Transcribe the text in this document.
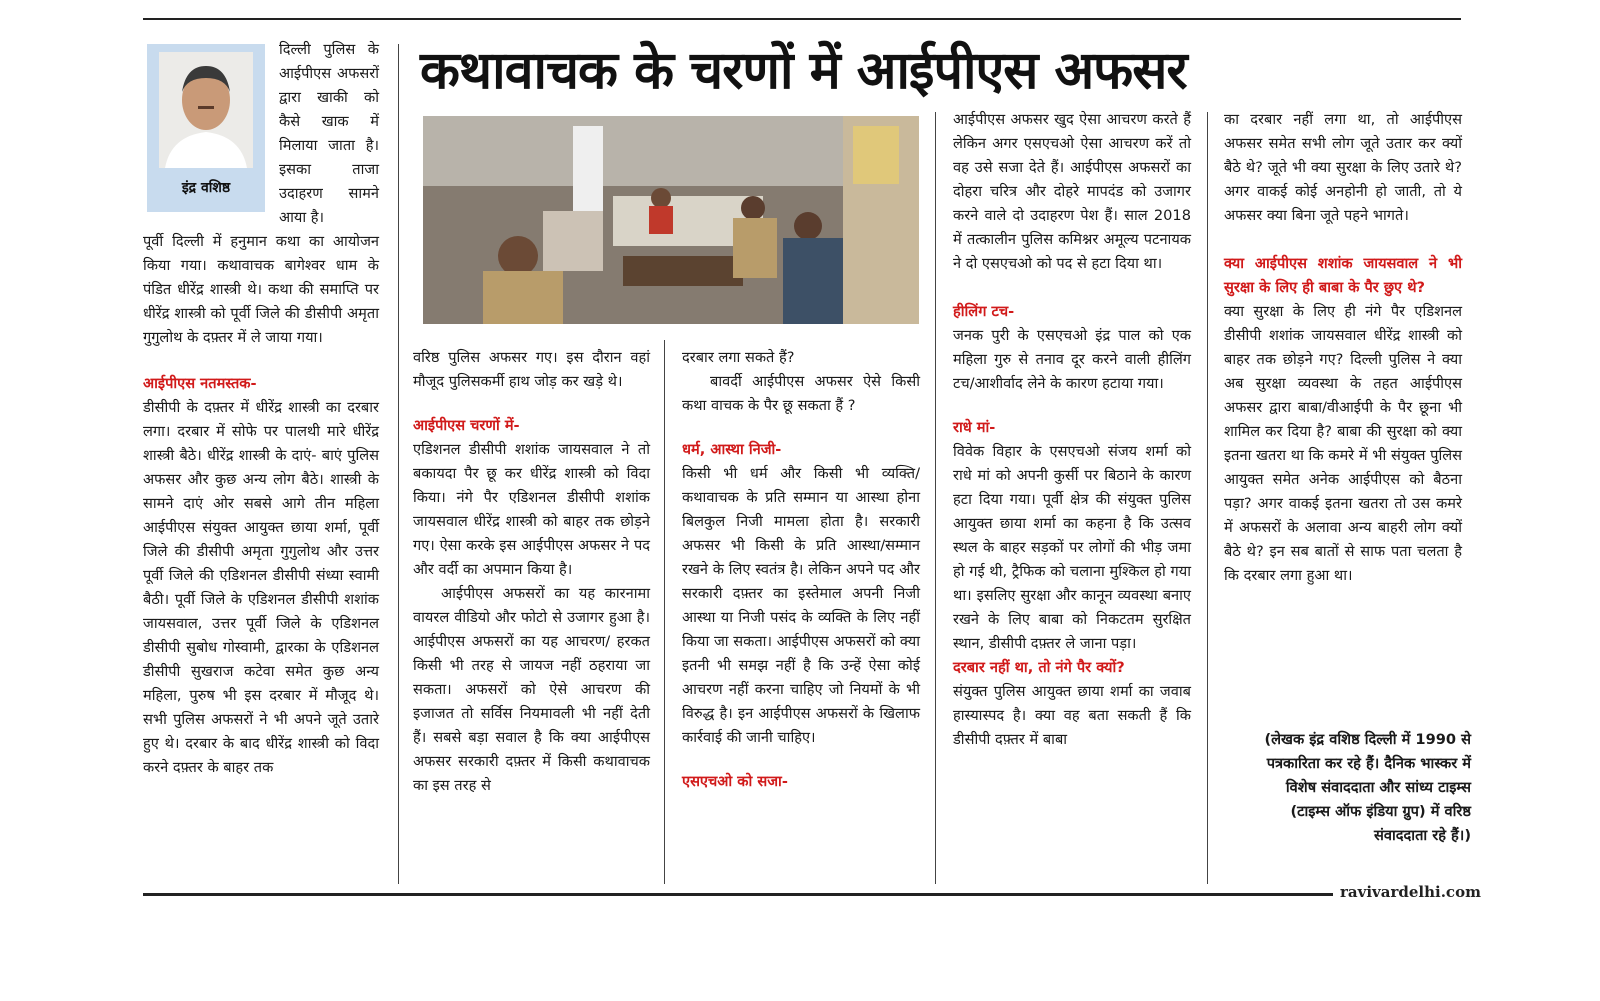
कथावाचक के चरणों में आईपीएस अफसर
इंद्र वशिष्ठ

दिल्ली पुलिस के आईपीएस अफसरों द्वारा खाकी को कैसे खाक में मिलाया जाता है। इसका ताजा उदाहरण सामने आया है।

पूर्वी दिल्ली में हनुमान कथा का आयोजन किया गया। कथावाचक बागेश्वर धाम के पंडित धीरेंद्र शास्त्री थे। कथा की समाप्ति पर धीरेंद्र शास्त्री को पूर्वी जिले की डीसीपी अमृता गुगुलोथ के दफ़्तर में ले जाया गया।

आईपीएस नतमस्तक-

डीसीपी के दफ़्तर में धीरेंद्र शास्त्री का दरबार लगा। दरबार में सोफे पर पालथी मारे धीरेंद्र शास्त्री बैठे। धीरेंद्र शास्त्री के दाएं- बाएं पुलिस अफसर और कुछ अन्य लोग बैठे। शास्त्री के सामने दाएं ओर सबसे आगे तीन महिला आईपीएस संयुक्त आयुक्त छाया शर्मा, पूर्वी जिले की डीसीपी अमृता गुगुलोथ और उत्तर पूर्वी जिले की एडिशनल डीसीपी संध्या स्वामी बैठी। पूर्वी जिले के एडिशनल डीसीपी शशांक जायसवाल, उत्तर पूर्वी जिले के एडिशनल डीसीपी सुबोध गोस्वामी, द्वारका के एडिशनल डीसीपी सुखराज कटेवा समेत कुछ अन्य महिला, पुरुष भी इस दरबार में मौजूद थे। सभी पुलिस अफसरों ने भी अपने जूते उतारे हुए थे। दरबार के बाद धीरेंद्र शास्त्री को विदा करने दफ़्तर के बाहर तक

वरिष्ठ पुलिस अफसर गए। इस दौरान वहां मौजूद पुलिसकर्मी हाथ जोड़ कर खड़े थे।

आईपीएस चरणों में-

एडिशनल डीसीपी शशांक जायसवाल ने तो बकायदा पैर छू कर धीरेंद्र शास्त्री को विदा किया। नंगे पैर एडिशनल डीसीपी शशांक जायसवाल धीरेंद्र शास्त्री को बाहर तक छोड़ने गए। ऐसा करके इस आईपीएस अफसर ने पद और वर्दी का अपमान किया है।

आईपीएस अफसरों का यह कारनामा वायरल वीडियो और फोटो से उजागर हुआ है। आईपीएस अफसरों का यह आचरण/ हरकत किसी भी तरह से जायज नहीं ठहराया जा सकता। अफसरों को ऐसे आचरण की इजाजत तो सर्विस नियमावली भी नहीं देती हैं। सबसे बड़ा सवाल है कि क्या आईपीएस अफसर सरकारी दफ़्तर में किसी कथावाचक का इस तरह से

दरबार लगा सकते हैं?

बावर्दी आईपीएस अफसर ऐसे किसी कथा वाचक के पैर छू सकता हैं ?

धर्म, आस्था निजी-

किसी भी धर्म और किसी भी व्यक्ति/ कथावाचक के प्रति सम्मान या आस्था होना बिलकुल निजी मामला होता है। सरकारी अफसर भी किसी के प्रति आस्था/सम्मान रखने के लिए स्वतंत्र है। लेकिन अपने पद और सरकारी दफ़्तर का इस्तेमाल अपनी निजी आस्था या निजी पसंद के व्यक्ति के लिए नहीं किया जा सकता। आईपीएस अफसरों को क्या इतनी भी समझ नहीं है कि उन्हें ऐसा कोई आचरण नहीं करना चाहिए जो नियमों के भी विरुद्ध है। इन आईपीएस अफसरों के खिलाफ कार्रवाई की जानी चाहिए।

एसएचओ को सजा-

आईपीएस अफसर खुद ऐसा आचरण करते हैं लेकिन अगर एसएचओ ऐसा आचरण करें तो वह उसे सजा देते हैं। आईपीएस अफसरों का दोहरा चरित्र और दोहरे मापदंड को उजागर करने वाले दो उदाहरण पेश हैं। साल 2018 में तत्कालीन पुलिस कमिश्नर अमूल्य पटनायक ने दो एसएचओ को पद से हटा दिया था।

हीलिंग टच-

जनक पुरी के एसएचओ इंद्र पाल को एक महिला गुरु से तनाव दूर करने वाली हीलिंग टच/आशीर्वाद लेने के कारण हटाया गया।

राधे मां-

विवेक विहार के एसएचओ संजय शर्मा को राधे मां को अपनी कुर्सी पर बिठाने के कारण हटा दिया गया। पूर्वी क्षेत्र की संयुक्त पुलिस आयुक्त छाया शर्मा का कहना है कि उत्सव स्थल के बाहर सड़कों पर लोगों की भीड़ जमा हो गई थी, ट्रैफिक को चलाना मुश्किल हो गया था। इसलिए सुरक्षा और कानून व्यवस्था बनाए रखने के लिए बाबा को निकटतम सुरक्षित स्थान, डीसीपी दफ़्तर ले जाना पड़ा।

दरबार नहीं था, तो नंगे पैर क्यों?

संयुक्त पुलिस आयुक्त छाया शर्मा का जवाब हास्यास्पद है। क्या वह बता सकती हैं कि डीसीपी दफ़्तर में बाबा

का दरबार नहीं लगा था, तो आईपीएस अफसर समेत सभी लोग जूते उतार कर क्यों बैठे थे? जूते भी क्या सुरक्षा के लिए उतारे थे? अगर वाकई कोई अनहोनी हो जाती, तो ये अफसर क्या बिना जूते पहने भागते।

क्या आईपीएस शशांक जायसवाल ने भी सुरक्षा के लिए ही बाबा के पैर छुए थे?

क्या सुरक्षा के लिए ही नंगे पैर एडिशनल डीसीपी शशांक जायसवाल धीरेंद्र शास्त्री को बाहर तक छोड़ने गए? दिल्ली पुलिस ने क्या अब सुरक्षा व्यवस्था के तहत आईपीएस अफसर द्वारा बाबा/वीआईपी के पैर छूना भी शामिल कर दिया है? बाबा की सुरक्षा को क्या इतना खतरा था कि कमरे में भी संयुक्त पुलिस आयुक्त समेत अनेक आईपीएस को बैठना पड़ा? अगर वाकई इतना खतरा तो उस कमरे में अफसरों के अलावा अन्य बाहरी लोग क्यों बैठे थे? इन सब बातों से साफ पता चलता है कि दरबार लगा हुआ था।

(लेखक इंद्र वशिष्ठ दिल्ली में 1990 से पत्रकारिता कर रहे हैं। दैनिक भास्कर में विशेष संवाददाता और सांध्य टाइम्स (टाइम्स ऑफ इंडिया ग्रुप) में वरिष्ठ संवाददाता रहे हैं।)
ravivardelhi.com
